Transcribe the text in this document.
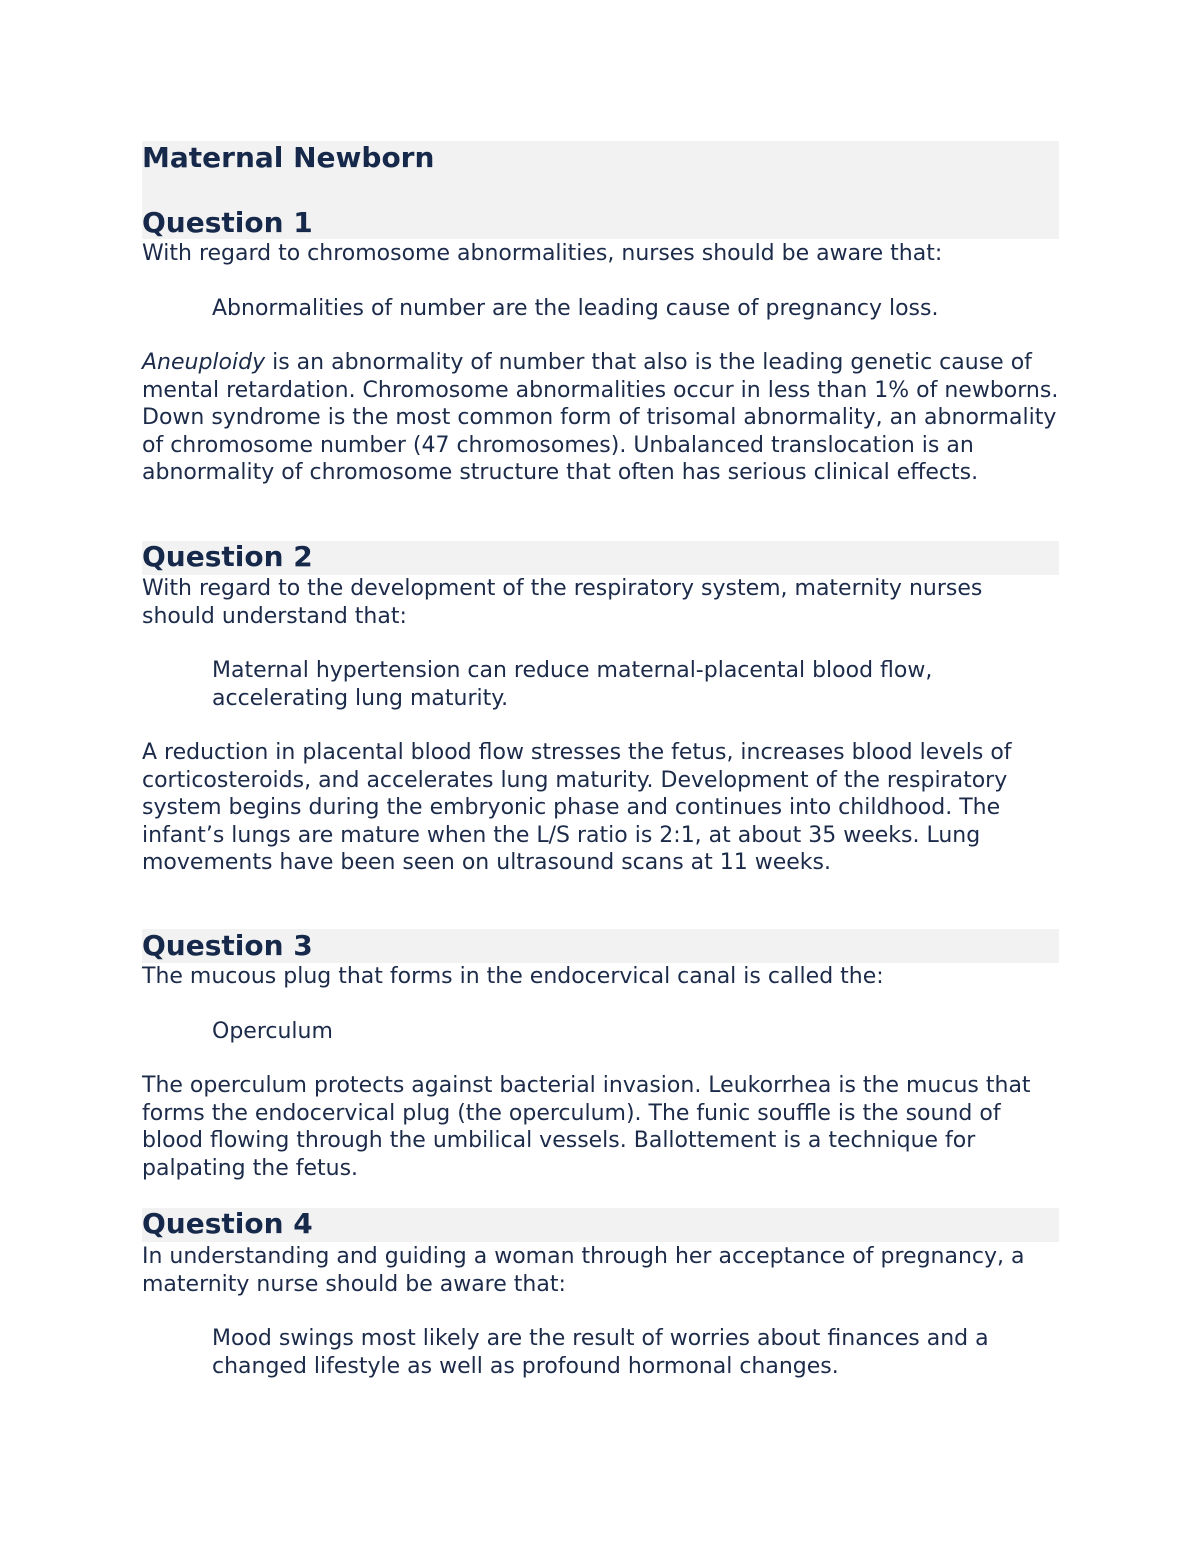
Maternal Newborn
Question 1

With regard to chromosome abnormalities, nurses should be aware that:

Abnormalities of number are the leading cause of pregnancy loss.

Aneuploidy is an abnormality of number that also is the leading genetic cause of mental retardation. Chromosome abnormalities occur in less than 1% of newborns. Down syndrome is the most common form of trisomal abnormality, an abnormality of chromosome number (47 chromosomes). Unbalanced translocation is an abnormality of chromosome structure that often has serious clinical effects.

Question 2

With regard to the development of the respiratory system, maternity nurses should understand that:

Maternal hypertension can reduce maternal-placental blood flow, accelerating lung maturity.

A reduction in placental blood flow stresses the fetus, increases blood levels of corticosteroids, and accelerates lung maturity. Development of the respiratory system begins during the embryonic phase and continues into childhood. The infant’s lungs are mature when the L/S ratio is 2:1, at about 35 weeks. Lung movements have been seen on ultrasound scans at 11 weeks.

Question 3

The mucous plug that forms in the endocervical canal is called the:

Operculum

The operculum protects against bacterial invasion. Leukorrhea is the mucus that forms the endocervical plug (the operculum). The funic souffle is the sound of blood flowing through the umbilical vessels. Ballottement is a technique for palpating the fetus.

Question 4

In understanding and guiding a woman through her acceptance of pregnancy, a maternity nurse should be aware that:

Mood swings most likely are the result of worries about finances and a changed lifestyle as well as profound hormonal changes.
